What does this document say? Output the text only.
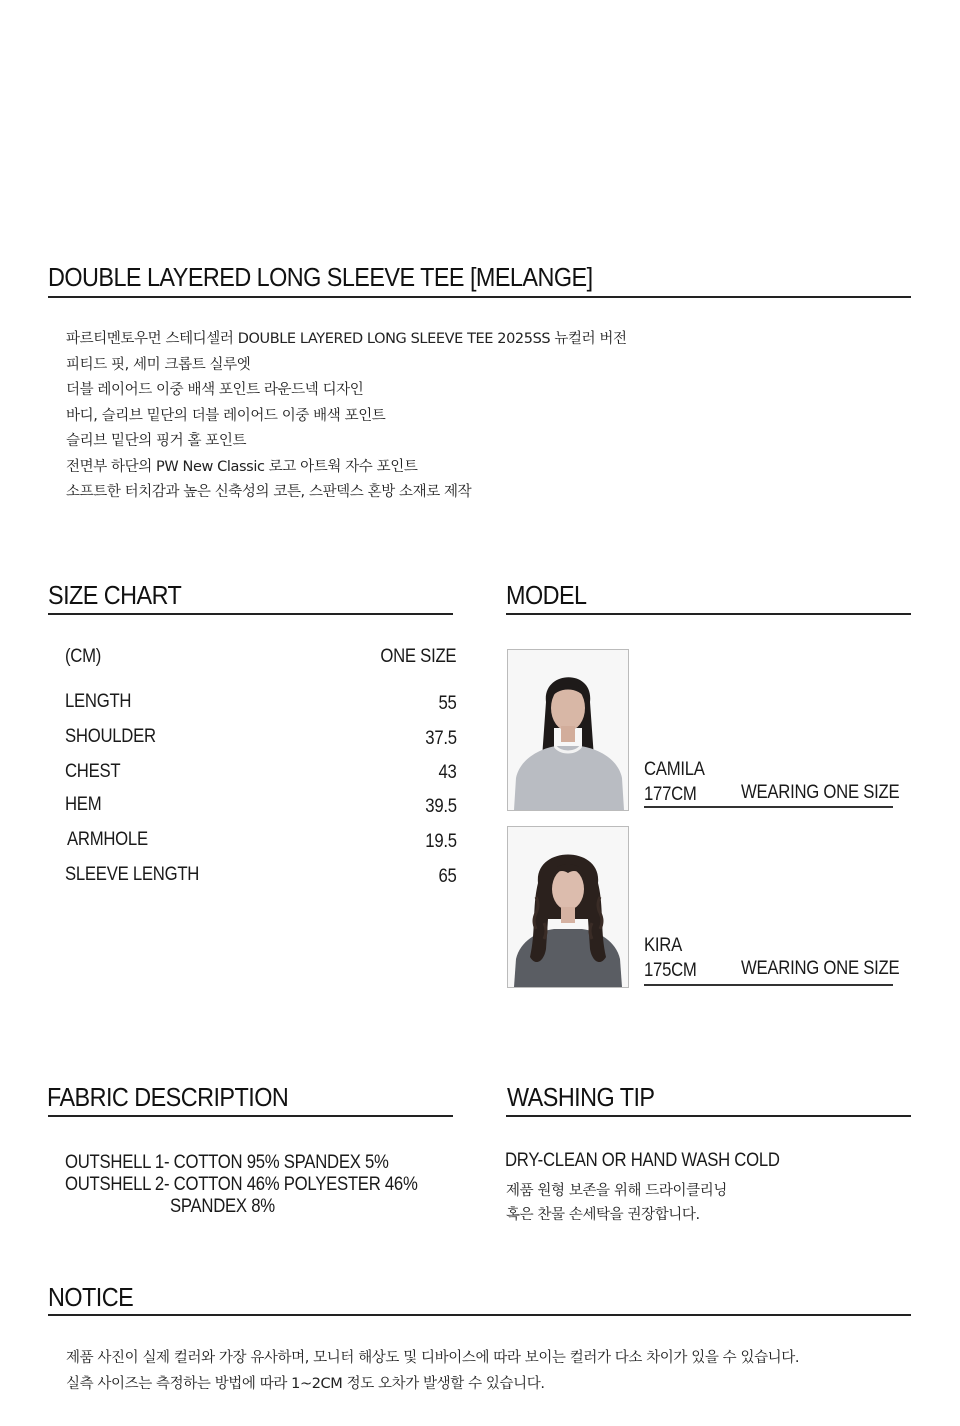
DOUBLE LAYERED LONG SLEEVE TEE [MELANGE]
파르티멘토우먼 스테디셀러 DOUBLE LAYERED LONG SLEEVE TEE 2025SS 뉴컬러 버전
피티드 핏, 세미 크롭트 실루엣
더블 레이어드 이중 배색 포인트 라운드넥 디자인
바디, 슬리브 밑단의 더블 레이어드 이중 배색 포인트
슬리브 밑단의 핑거 홀 포인트
전면부 하단의 PW New Classic 로고 아트웍 자수 포인트
소프트한 터치감과 높은 신축성의 코튼, 스판덱스 혼방 소재로 제작
SIZE CHART
(CM)	ONE SIZE
LENGTH	55
SHOULDER	37.5
CHEST	43
HEM	39.5
ARMHOLE	19.5
SLEEVE LENGTH	65
MODEL
CAMILA
177CM WEARING ONE SIZE
KIRA
175CM WEARING ONE SIZE
FABRIC DESCRIPTION
OUTSHELL 1- COTTON 95% SPANDEX 5%
OUTSHELL 2- COTTON 46% POLYESTER 46%
SPANDEX 8%
WASHING TIP
DRY-CLEAN OR HAND WASH COLD
제품 원형 보존을 위해 드라이클리닝
혹은 찬물 손세탁을 권장합니다.
NOTICE
제품 사진이 실제 컬러와 가장 유사하며, 모니터 해상도 및 디바이스에 따라 보이는 컬러가 다소 차이가 있을 수 있습니다.
실측 사이즈는 측정하는 방법에 따라 1~2CM 정도 오차가 발생할 수 있습니다.
